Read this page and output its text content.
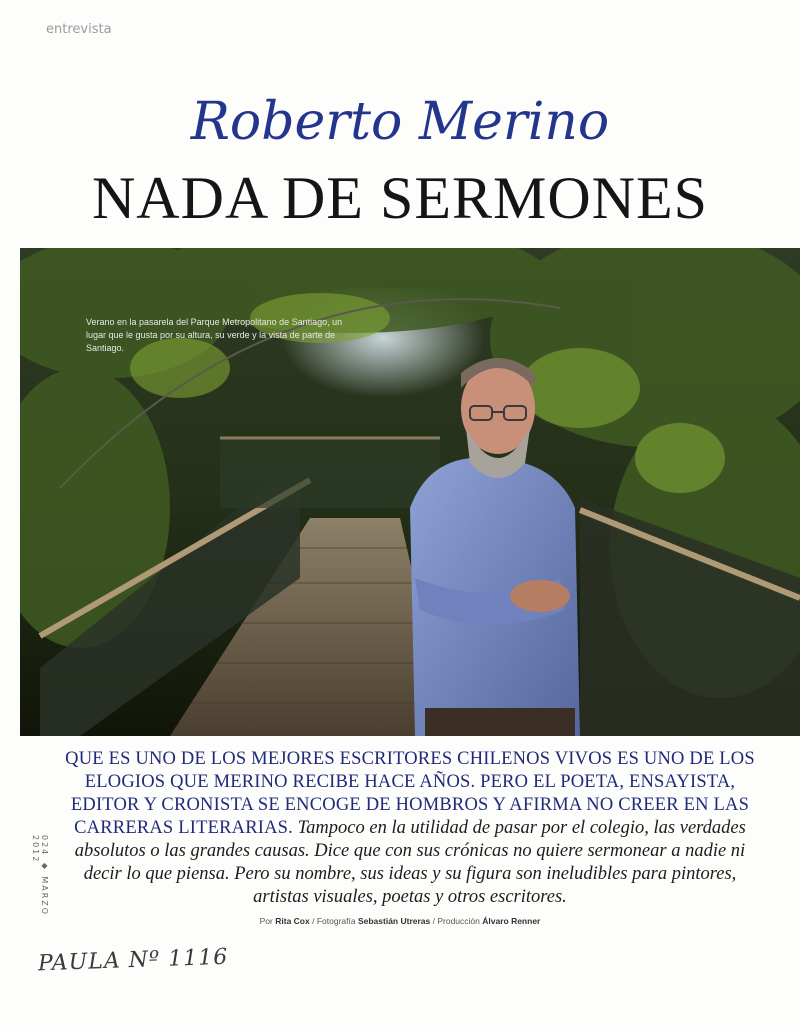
entrevista
Roberto Merino
NADA DE SERMONES
Verano en la pasarela del Parque Metropolitano de Santiago, un lugar que le gusta por su altura, su verde y la vista de parte de Santiago.

QUE ES UNO DE LOS MEJORES ESCRITORES CHILENOS VIVOS ES UNO DE LOS ELOGIOS QUE MERINO RECIBE HACE AÑOS. PERO EL POETA, ENSAYISTA, EDITOR Y CRONISTA SE ENCOGE DE HOMBROS Y AFIRMA NO CREER EN LAS CARRERAS LITERARIAS. Tampoco en la utilidad de pasar por el colegio, las verdades absolutos o las grandes causas. Dice que con sus crónicas no quiere sermonear a nadie ni decir lo que piensa. Pero su nombre, sus ideas y su figura son ineludibles para pintores, artistas visuales, poetas y otros escritores.

Por Rita Cox / Fotografía Sebastián Utreras / Producción Álvaro Renner
024 ◆ MARZO 2012
PAULA Nº 1116
